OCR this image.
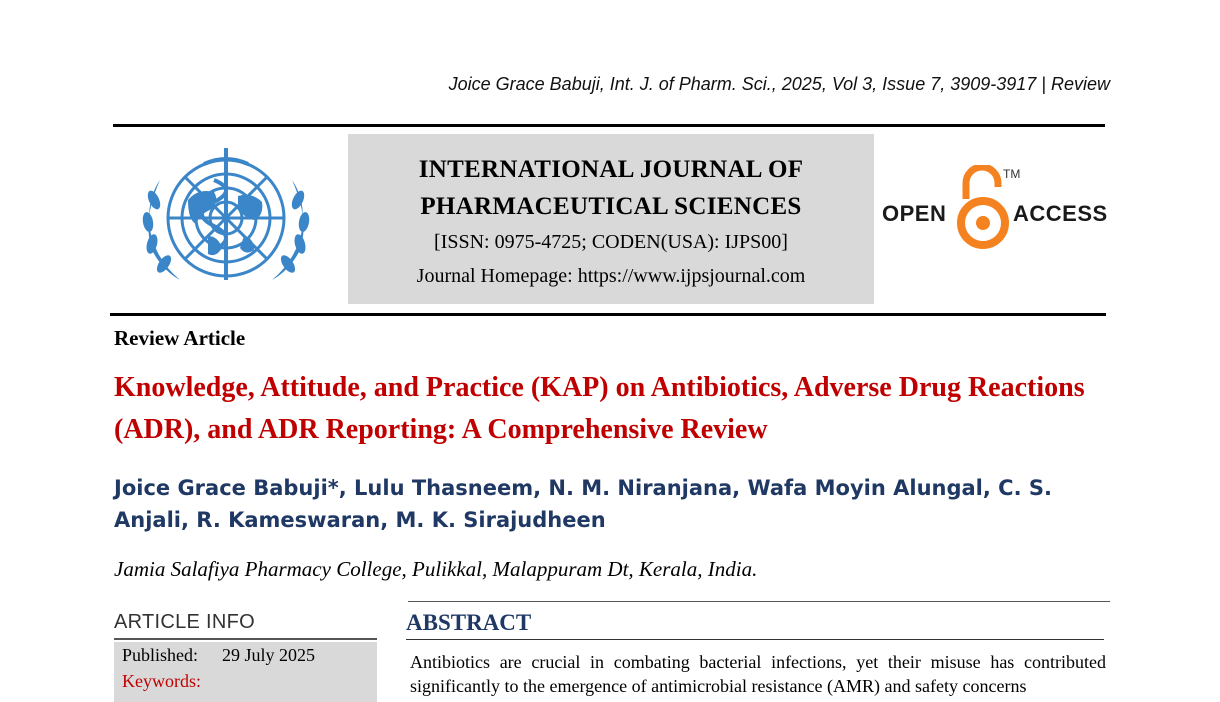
Joice Grace Babuji, Int. J. of Pharm. Sci., 2025, Vol 3, Issue 7, 3909-3917 | Review
INTERNATIONAL JOURNAL OF
PHARMACEUTICAL SCIENCES
[ISSN: 0975-4725; CODEN(USA): IJPS00]
Journal Homepage: https://www.ijpsjournal.com
OPEN
TM
ACCESS
Review Article
Knowledge, Attitude, and Practice (KAP) on Antibiotics, Adverse Drug Reactions (ADR), and ADR Reporting: A Comprehensive Review
Joice Grace Babuji*, Lulu Thasneem, N. M. Niranjana, Wafa Moyin Alungal, C. S. Anjali, R. Kameswaran, M. K. Sirajudheen
Jamia Salafiya Pharmacy College, Pulikkal, Malappuram Dt, Kerala, India.
ARTICLE INFO
Published: 29 July 2025
Keywords:
ABSTRACT
Antibiotics are crucial in combating bacterial infections, yet their misuse has contributed significantly to the emergence of antimicrobial resistance (AMR) and safety concerns
